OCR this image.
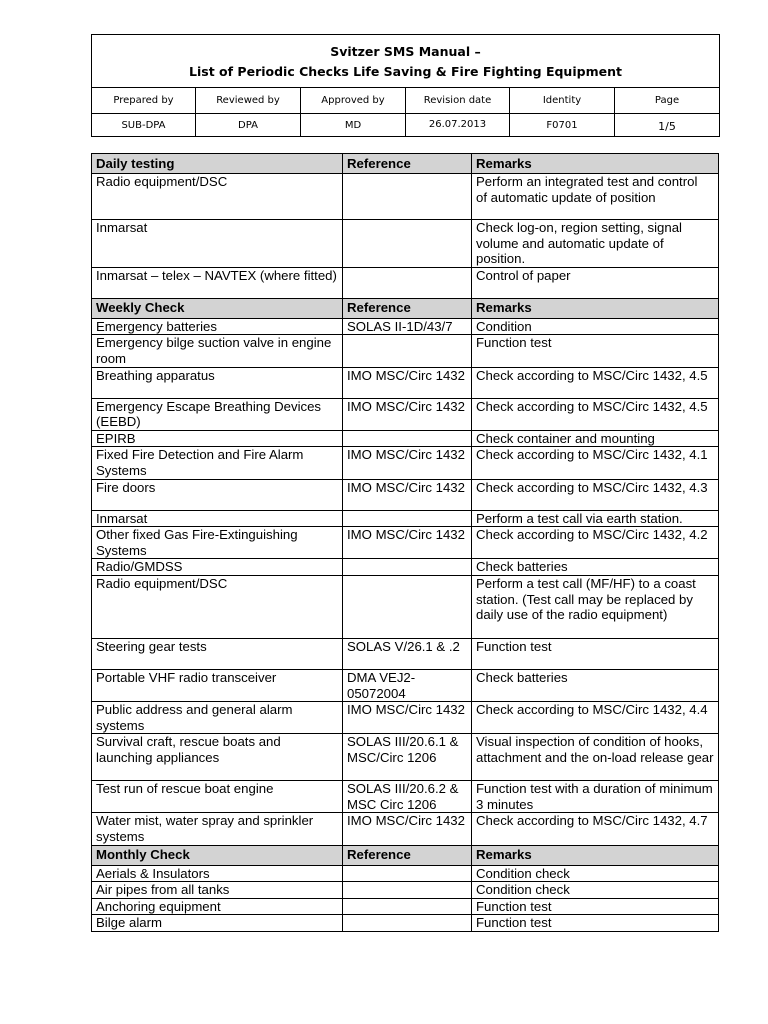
Svitzer SMS Manual –
List of Periodic Checks Life Saving & Fire Fighting Equipment
Prepared by	Reviewed by	Approved by	Revision date	Identity	Page
SUB-DPA	DPA	MD	26.07.2013	F0701	1/5
Daily testing	Reference	Remarks
Radio equipment/DSC		Perform an integrated test and control
of automatic update of position
Inmarsat		Check log-on, region setting, signal volume and automatic update of position.
Inmarsat – telex – NAVTEX (where fitted)		Control of paper
Weekly Check	Reference	Remarks
Emergency batteries	SOLAS II-1D/43/7	Condition
Emergency bilge suction valve in engine room		Function test
Breathing apparatus	IMO MSC/Circ 1432	Check according to MSC/Circ 1432, 4.5
Emergency Escape Breathing Devices (EEBD)	IMO MSC/Circ 1432	Check according to MSC/Circ 1432, 4.5
EPIRB		Check container and mounting
Fixed Fire Detection and Fire Alarm Systems	IMO MSC/Circ 1432	Check according to MSC/Circ 1432, 4.1
Fire doors	IMO MSC/Circ 1432	Check according to MSC/Circ 1432, 4.3
Inmarsat		Perform a test call via earth station.
Other fixed Gas Fire-Extinguishing Systems	IMO MSC/Circ 1432	Check according to MSC/Circ 1432, 4.2
Radio/GMDSS		Check batteries
Radio equipment/DSC		Perform a test call (MF/HF) to a coast station. (Test call may be replaced by daily use of the radio equipment)
Steering gear tests	SOLAS V/26.1 & .2	Function test
Portable VHF radio transceiver	DMA VEJ2-05072004	Check batteries
Public address and general alarm systems	IMO MSC/Circ 1432	Check according to MSC/Circ 1432, 4.4
Survival craft, rescue boats and launching appliances	SOLAS III/20.6.1 & MSC/Circ 1206	Visual inspection of condition of hooks, attachment and the on-load release gear
Test run of rescue boat engine	SOLAS III/20.6.2 & MSC Circ 1206	Function test with a duration of minimum 3 minutes
Water mist, water spray and sprinkler systems	IMO MSC/Circ 1432	Check according to MSC/Circ 1432, 4.7
Monthly Check	Reference	Remarks
Aerials & Insulators		Condition check
Air pipes from all tanks		Condition check
Anchoring equipment		Function test
Bilge alarm		Function test
